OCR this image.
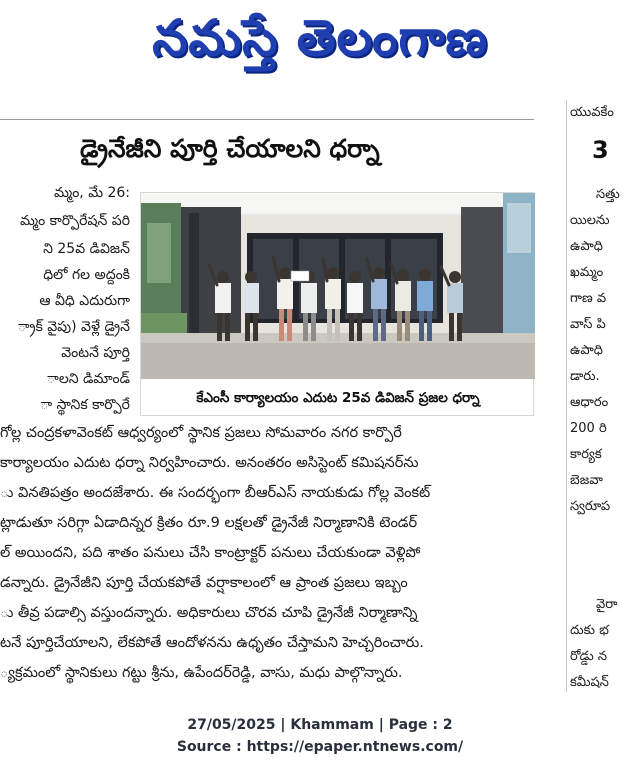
నమస్తే తెలంగాణ
డ్రైనేజీని పూర్తి చేయాలని ధర్నా
మ్మం, మే 26:
మ్మం కార్పొరేషన్ పరి
ని 25వ డివిజన్
ధిలో గల అద్దంకి
ఆ వీధి ఎదురుగా
్రాక్ వైపు) వెళ్లే డ్రైనే
వెంటనే పూర్తి
ాలని డిమాండ్
ా స్థానిక కార్పొరే	కేఎంసీ కార్యాలయం ఎదుట 25వ డివిజన్ ప్రజల ధర్నా
గోల్ల చంద్రకళావెంకట్ ఆధ్వర్యంలో స్థానిక ప్రజలు సోమవారం నగర కార్పొరే
కార్యాలయం ఎదుట ధర్నా నిర్వహించారు. అనంతరం అసిస్టెంట్ కమిషనర్‌ను
ు వినతిపత్రం అందజేశారు. ఈ సందర్భంగా బీఆర్ఎస్ నాయకుడు గోల్ల వెంకట్
ట్లాడుతూ సరిగ్గా ఏడాదిన్నర క్రితం రూ.9 లక్షలతో డ్రైనేజీ నిర్మాణానికి టెండర్
ల్ అయిందని, పది శాతం పనులు చేసి కాంట్రాక్టర్ పనులు చేయకుండా వెళ్లిపో
డన్నారు. డ్రైనేజీని పూర్తి చేయకపోతే వర్షాకాలంలో ఆ ప్రాంత ప్రజలు ఇబ్బం
ు తీవ్ర పడాల్సి వస్తుందన్నారు. అధికారులు చొరవ చూపి డ్రైనేజీ నిర్మాణాన్ని
టనే పూర్తిచేయాలని, లేకపోతే ఆందోళనను ఉధృతం చేస్తామని హెచ్చరించారు.
్యక్రమంలో స్థానికులు గట్టు శ్రీను, ఉపేందర్‌రెడ్డి, వాసు, మధు పాల్గొన్నారు.
యువకేం
3
సత్తు
యిలను
ఉపాధి
ఖమ్మం
గాణ వ
వాస్ పి
ఉపాధి
డారు.
ఆధారం
200 రి
కార్యక
బెజవా
స్వరూప
వైరా
దుకు భ
రోడ్డు న
కమీషన్
27/05/2025 | Khammam | Page : 2
Source : https://epaper.ntnews.com/
